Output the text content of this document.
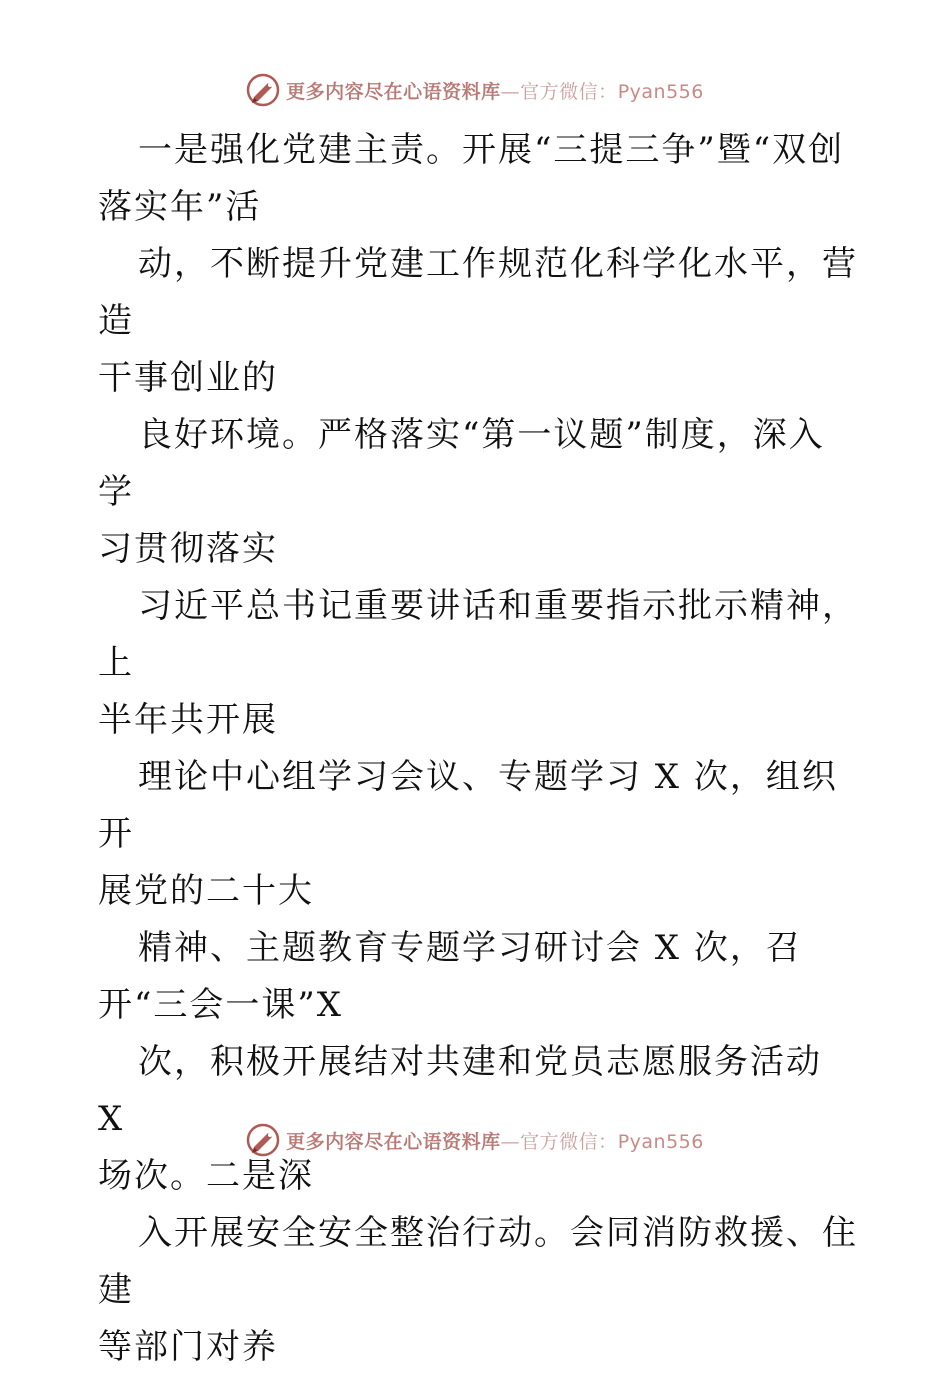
更多内容尽在心语资料库—官方微信：Pyan556

一是强化党建主责。开展“三提三争”暨“双创
落实年”活

动，不断提升党建工作规范化科学化水平，营造
干事创业的

良好环境。严格落实“第一议题”制度，深入学
习贯彻落实

习近平总书记重要讲话和重要指示批示精神，上
半年共开展

理论中心组学习会议、专题学习 X 次，组织开
展党的二十大

精神、主题教育专题学习研讨会 X 次，召
开“三会一课”X

次，积极开展结对共建和党员志愿服务活动 X
场次。二是深

入开展安全安全整治行动。会同消防救援、住建
等部门对养

更多内容尽在心语资料库—官方微信：Pyan556
